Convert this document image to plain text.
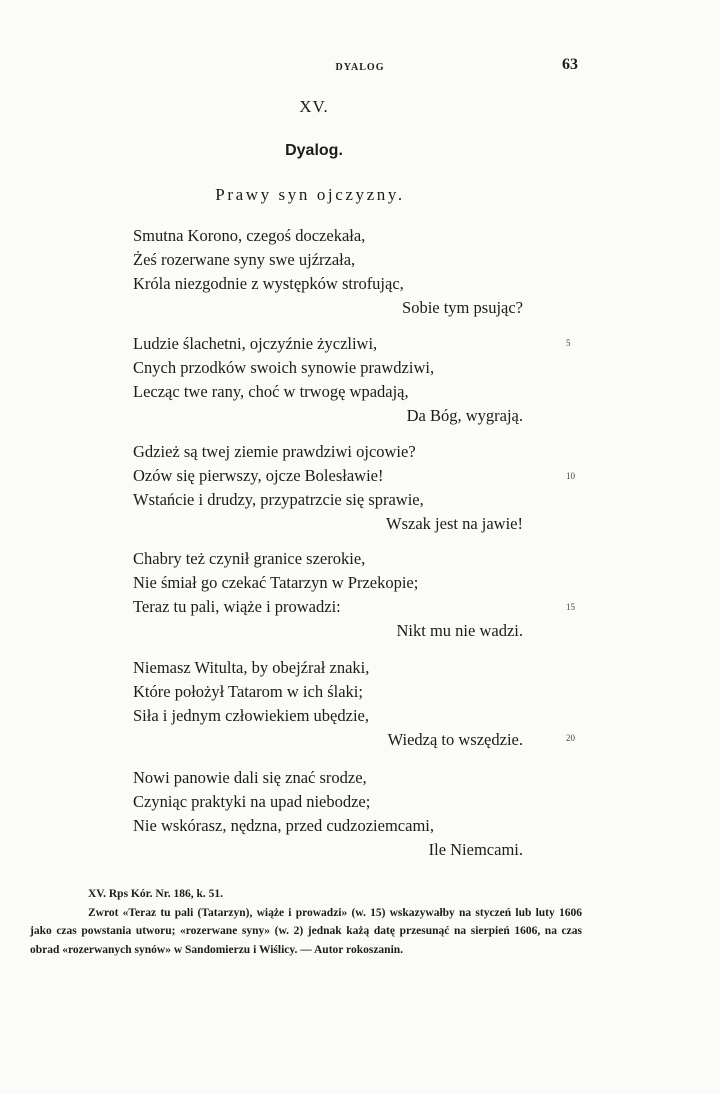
DYALOG	63
XV.
Dyalog.
Prawy syn ojczyzny.
Smutna Korono, czegoś doczekała,
Żeś rozerwane syny swe ujźrzała,
Króla niezgodnie z występków strofując,
Sobie tym psując?
Ludzie ślachetni, ojczyźnie życzliwi,
Cnych przodków swoich synowie prawdziwi,
Lecząc twe rany, choć w trwogę wpadają,
Da Bóg, wygrają.
5
Gdzież są twej ziemie prawdziwi ojcowie?
Ozów się pierwszy, ojcze Bolesławie!
Wstańcie i drudzy, przypatrzcie się sprawie,
Wszak jest na jawie!
10
Chabry też czynił granice szerokie,
Nie śmiał go czekać Tatarzyn w Przekopie;
Teraz tu pali, wiąże i prowadzi:
Nikt mu nie wadzi.
15
Niemasz Witulta, by obejźrał znaki,
Które położył Tatarom w ich ślaki;
Siła i jednym człowiekiem ubędzie,
Wiedzą to wszędzie.	20
Nowi panowie dali się znać srodze,
Czyniąc praktyki na upad niebodze;
Nie wskórasz, nędzna, przed cudzoziemcami,
Ile Niemcami.
XV. Rps Kór. Nr. 186, k. 51.
Zwrot «Teraz tu pali (Tatarzyn), wiąże i prowadzi» (w. 15) wskazywałby na styczeń lub luty 1606 jako czas powstania utworu; «rozerwane syny» (w. 2) jednak każą datę przesunąć na sierpień 1606, na czas obrad «rozerwanych synów» w Sandomierzu i Wiślicy. — Autor rokoszanin.
